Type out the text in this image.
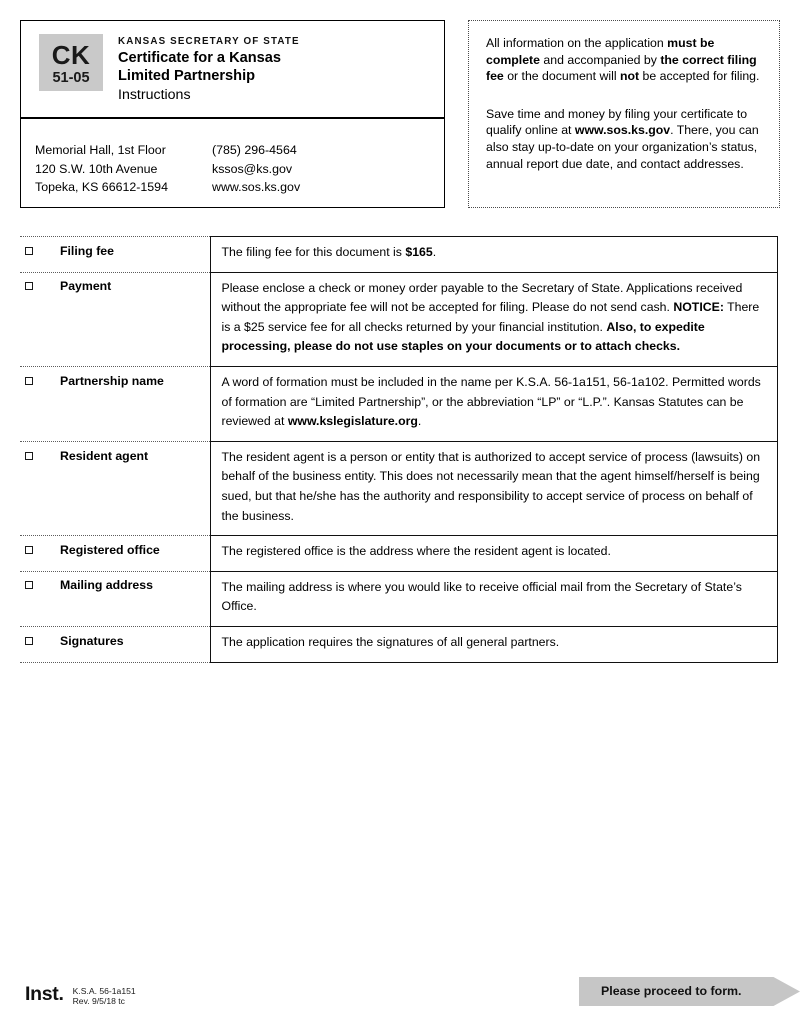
CK
51-05
KANSAS SECRETARY OF STATE
Certificate for a Kansas
Limited Partnership
Instructions
Memorial Hall, 1st Floor
120 S.W. 10th Avenue
Topeka, KS 66612-1594
(785) 296-4564
kssos@ks.gov
www.sos.ks.gov
All information on the application must be complete and accompanied by the correct filing fee or the document will not be accepted for filing.
Save time and money by filing your certificate to qualify online at www.sos.ks.gov. There, you can also stay up-to-date on your organization’s status, annual report due date, and contact addresses.
Filing fee	The filing fee for this document is $165.
Payment	Please enclose a check or money order payable to the Secretary of State. Applications received without the appropriate fee will not be accepted for filing. Please do not send cash. NOTICE: There is a $25 service fee for all checks returned by your financial institution. Also, to expedite processing, please do not use staples on your documents or to attach checks.
Partnership name	A word of formation must be included in the name per K.S.A. 56-1a151, 56-1a102. Permitted words of formation are “Limited Partnership”, or the abbreviation “LP” or “L.P.”. Kansas Statutes can be reviewed at www.kslegislature.org.
Resident agent	The resident agent is a person or entity that is authorized to accept service of process (lawsuits) on behalf of the business entity. This does not necessarily mean that the agent himself/herself is being sued, but that he/she has the authority and responsibility to accept service of process on behalf of the business.
Registered office	The registered office is the address where the resident agent is located.
Mailing address	The mailing address is where you would like to receive official mail from the Secretary of State’s Office.
Signatures	The application requires the signatures of all general partners.
Inst. K.S.A. 56-1a151
Rev. 9/5/18 tc
Please proceed to form.
